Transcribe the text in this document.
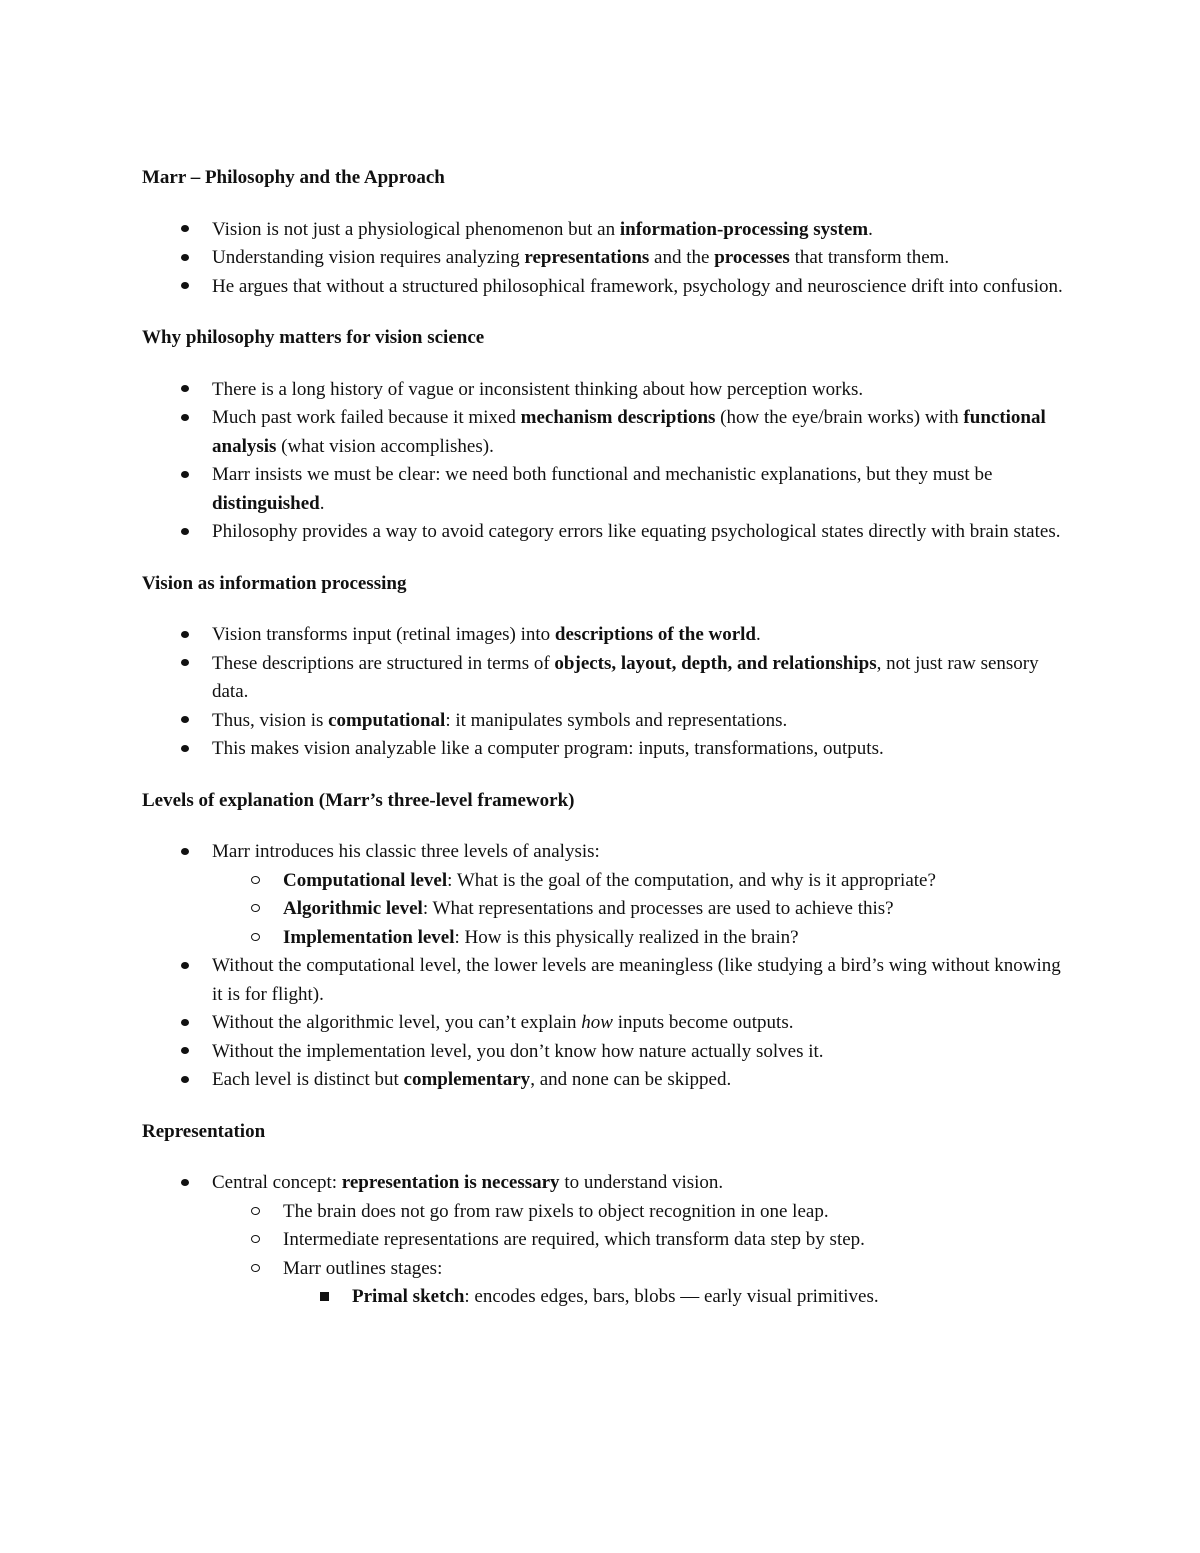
Marr – Philosophy and the Approach
Vision is not just a physiological phenomenon but an information-processing system.
Understanding vision requires analyzing representations and the processes that transform them.
He argues that without a structured philosophical framework, psychology and neuroscience drift into confusion.
Why philosophy matters for vision science
There is a long history of vague or inconsistent thinking about how perception works.
Much past work failed because it mixed mechanism descriptions (how the eye/brain works) with functional analysis (what vision accomplishes).
Marr insists we must be clear: we need both functional and mechanistic explanations, but they must be distinguished.
Philosophy provides a way to avoid category errors like equating psychological states directly with brain states.
Vision as information processing
Vision transforms input (retinal images) into descriptions of the world.
These descriptions are structured in terms of objects, layout, depth, and relationships, not just raw sensory data.
Thus, vision is computational: it manipulates symbols and representations.
This makes vision analyzable like a computer program: inputs, transformations, outputs.
Levels of explanation (Marr’s three-level framework)
Marr introduces his classic three levels of analysis:
Computational level: What is the goal of the computation, and why is it appropriate?
Algorithmic level: What representations and processes are used to achieve this?
Implementation level: How is this physically realized in the brain?
Without the computational level, the lower levels are meaningless (like studying a bird’s wing without knowing it is for flight).
Without the algorithmic level, you can’t explain how inputs become outputs.
Without the implementation level, you don’t know how nature actually solves it.
Each level is distinct but complementary, and none can be skipped.
Representation
Central concept: representation is necessary to understand vision.
The brain does not go from raw pixels to object recognition in one leap.
Intermediate representations are required, which transform data step by step.
Marr outlines stages:
Primal sketch: encodes edges, bars, blobs — early visual primitives.
